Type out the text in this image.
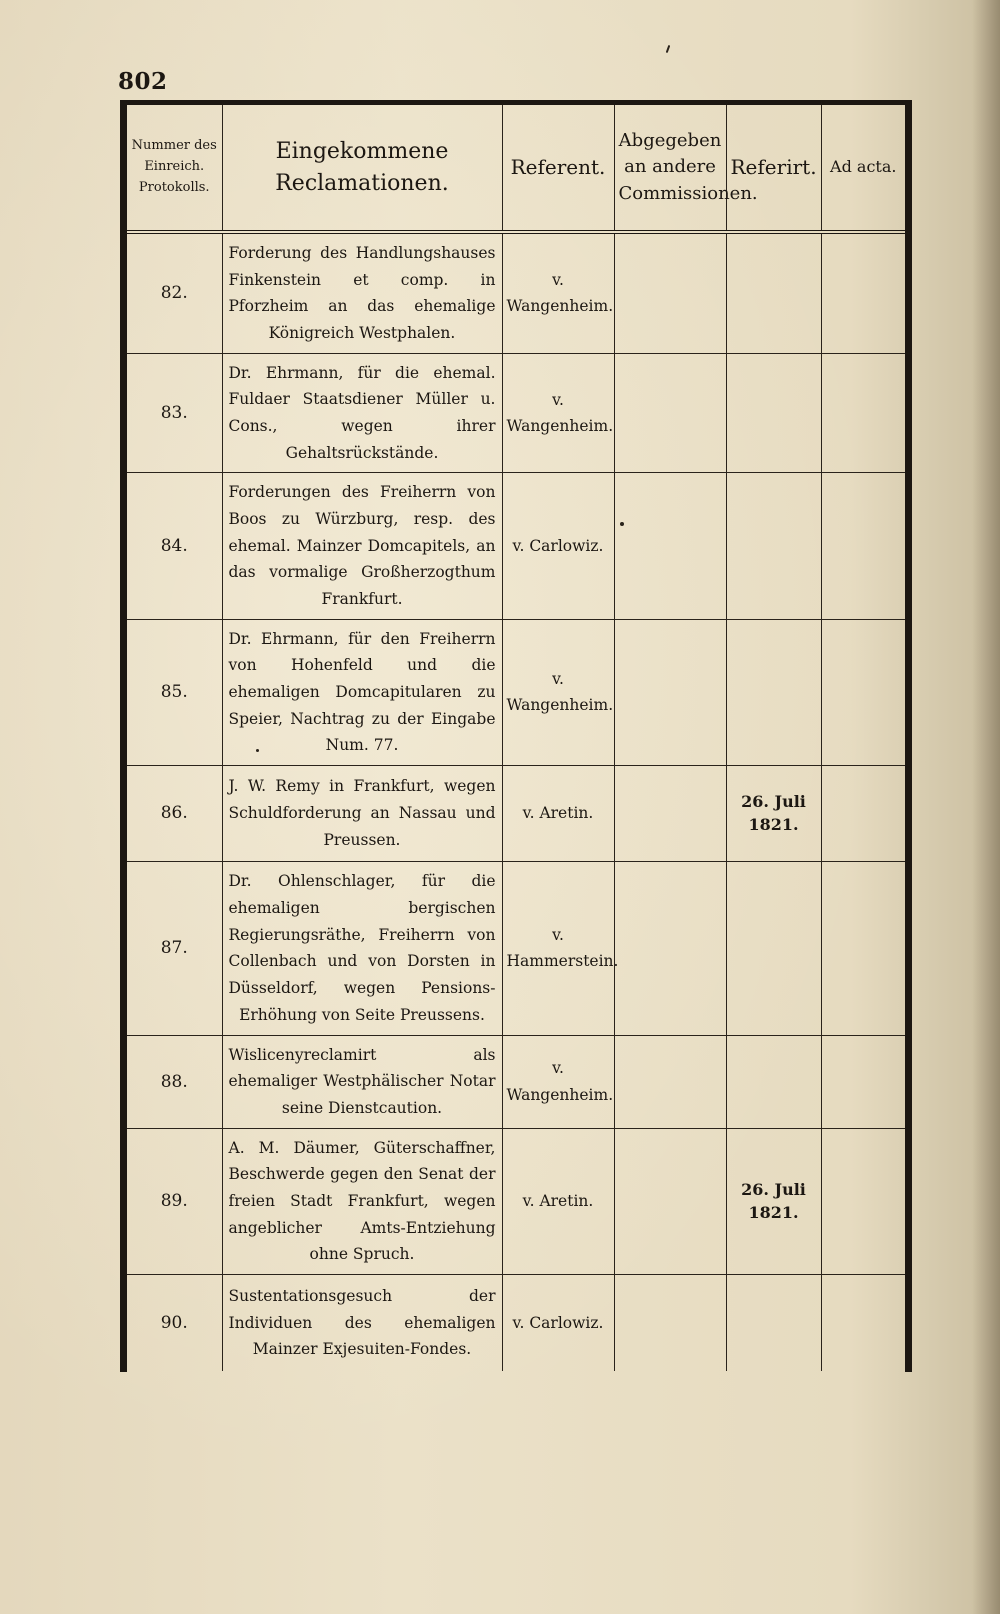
802
Nummer des Einreich. Protokolls.	Eingekommene Reclamationen.	Referent.	Abgegeben an andere Commissionen.	Referirt.	Ad acta.
82.	Forderung des Handlungshauses Finkenstein et comp. in Pforzheim an das ehemalige Königreich Westphalen.	v. Wangenheim.			
83.	Dr. Ehrmann, für die ehemal. Fuldaer Staatsdiener Müller u. Cons., wegen ihrer Gehaltsrückstände.	v. Wangenheim.			
84.	Forderungen des Freiherrn von Boos zu Würzburg, resp. des ehemal. Mainzer Domcapitels, an das vormalige Großherzogthum Frankfurt.	v. Carlowiz.			
85.	Dr. Ehrmann, für den Freiherrn von Hohenfeld und die ehemaligen Domcapitularen zu Speier, Nachtrag zu der Eingabe Num. 77.	v. Wangenheim.			
86.	J. W. Remy in Frankfurt, wegen Schuldforderung an Nassau und Preussen.	v. Aretin.		26. Juli 1821.	
87.	Dr. Ohlenschlager, für die ehemaligen bergischen Regierungsräthe, Freiherrn von Collenbach und von Dorsten in Düsseldorf, wegen Pensions-Erhöhung von Seite Preussens.	v. Hammerstein.			
88.	Wislicenyreclamirt als ehemaliger Westphälischer Notar seine Dienstcaution.	v. Wangenheim.			
89.	A. M. Däumer, Güterschaffner, Beschwerde gegen den Senat der freien Stadt Frankfurt, wegen angeblicher Amts-Entziehung ohne Spruch.	v. Aretin.		26. Juli 1821.	
90.	Sustentationsgesuch der Individuen des ehemaligen Mainzer Exjesuiten-Fondes.	v. Carlowiz.			
